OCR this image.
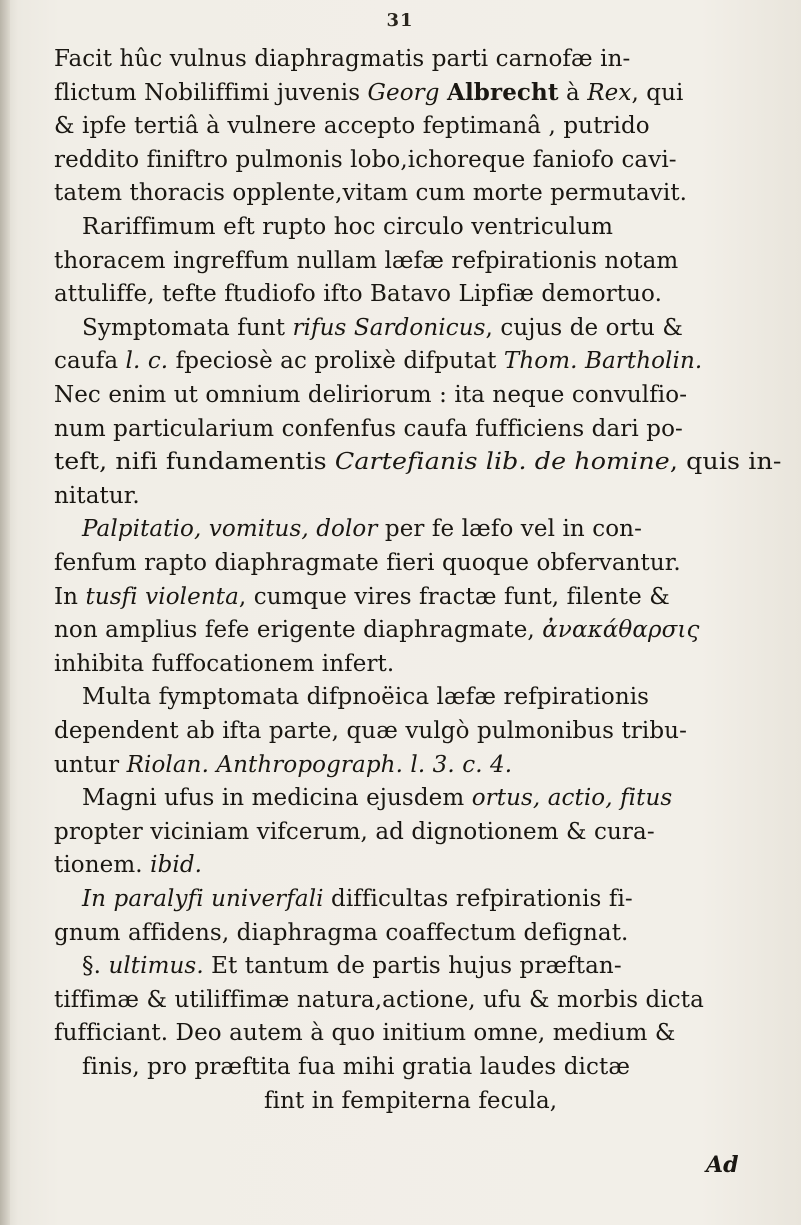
31
Facit hûc vulnus diaphragmatis parti carnofæ in-
flictum Nobiliffimi juvenis Georg Albrecht à Rex, qui
& ipfe tertiâ à vulnere accepto feptimanâ , putrido
reddito finiftro pulmonis lobo,ichoreque faniofo cavi-
tatem thoracis opplente,vitam cum morte permutavit.
Rariffimum eft rupto hoc circulo ventriculum
thoracem ingreffum nullam læfæ refpirationis notam
attuliffe, tefte ftudiofo ifto Batavo Lipfiæ demortuo.
Symptomata funt rifus Sardonicus, cujus de ortu &
caufa l. c. fpeciosè ac prolixè difputat Thom. Bartholin.
Nec enim ut omnium deliriorum : ita neque convulfio-
num particularium confenfus caufa fufficiens dari po-
teft, nifi fundamentis Cartefianis lib. de homine, quis in-
nitatur.
Palpitatio, vomitus, dolor per fe læfo vel in con-
fenfum rapto diaphragmate fieri quoque obfervantur.
In tusfi violenta, cumque vires fractæ funt, filente &
non amplius fefe erigente diaphragmate, ἀνακάθαρσις
inhibita fuffocationem infert.
Multa fymptomata difpnoëica læfæ refpirationis
dependent ab ifta parte, quæ vulgò pulmonibus tribu-
untur Riolan. Anthropograph. l. 3. c. 4.
Magni ufus in medicina ejusdem ortus, actio, fitus
propter viciniam vifcerum, ad dignotionem & cura-
tionem. ibid.
In paralyfi univerfali difficultas refpirationis fi-
gnum affidens, diaphragma coaffectum defignat.
§. ultimus. Et tantum de partis hujus præftan-
tiffimæ & utiliffimæ natura,actione, ufu & morbis dicta
fufficiant. Deo autem à quo initium omne, medium &
finis, pro præftita fua mihi gratia laudes dictæ
fint in fempiterna fecula,
Ad
